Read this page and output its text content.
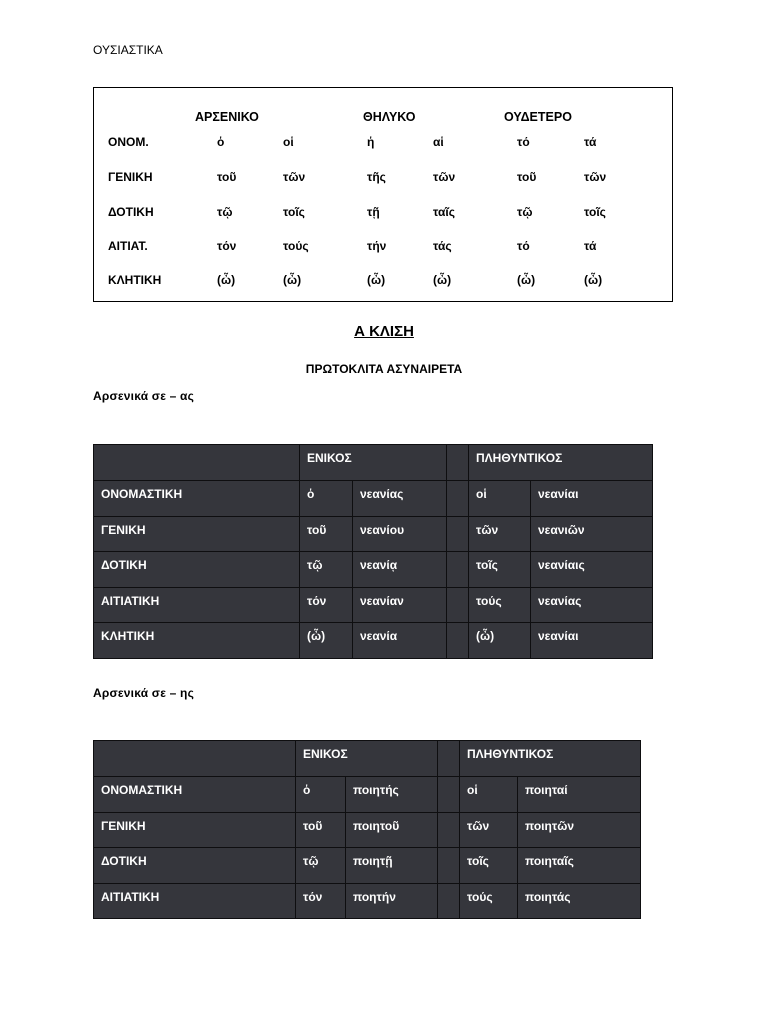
ΟΥΣΙΑΣΤΙΚΑ
ΑΡΣΕΝΙΚΟ	ΘΗΛΥΚΟ	ΟΥΔΕΤΕΡΟ
ΟΝΟΜ.	ὁ	οἱ	ἡ	αἱ	τό	τά
ΓΕΝΙΚΗ	τοῦ	τῶν	τῆς	τῶν	τοῦ	τῶν
ΔΟΤΙΚΗ	τῷ	τοῖς	τῇ	ταῖς	τῷ	τοῖς
ΑΙΤΙΑΤ.	τόν	τούς	τήν	τάς	τό	τά
ΚΛΗΤΙΚΗ	(ὦ)	(ὦ)	(ὦ)	(ὦ)	(ὦ)	(ὦ)
Α ΚΛΙΣΗ
ΠΡΩΤΟΚΛΙΤΑ ΑΣΥΝΑΙΡΕΤΑ
Αρσενικά σε – ας
	ΕΝΙΚΟΣ			ΠΛΗΘΥΝΤΙΚΟΣ	
ΟΝΟΜΑΣΤΙΚΗ	ὁ	νεανίας		οἱ	νεανίαι
ΓΕΝΙΚΗ	τοῦ	νεανίου		τῶν	νεανιῶν
ΔΟΤΙΚΗ	τῷ	νεανίᾳ		τοῖς	νεανίαις
ΑΙΤΙΑΤΙΚΗ	τόν	νεανίαν		τούς	νεανίας
ΚΛΗΤΙΚΗ	(ὦ)	νεανία		(ὦ)	νεανίαι
Αρσενικά σε – ης
	ΕΝΙΚΟΣ			ΠΛΗΘΥΝΤΙΚΟΣ	
ΟΝΟΜΑΣΤΙΚΗ	ὁ	ποιητής		οἱ	ποιηταί
ΓΕΝΙΚΗ	τοῦ	ποιητοῦ		τῶν	ποιητῶν
ΔΟΤΙΚΗ	τῷ	ποιητῇ		τοῖς	ποιηταῖς
ΑΙΤΙΑΤΙΚΗ	τόν	ποητήν		τούς	ποιητάς
